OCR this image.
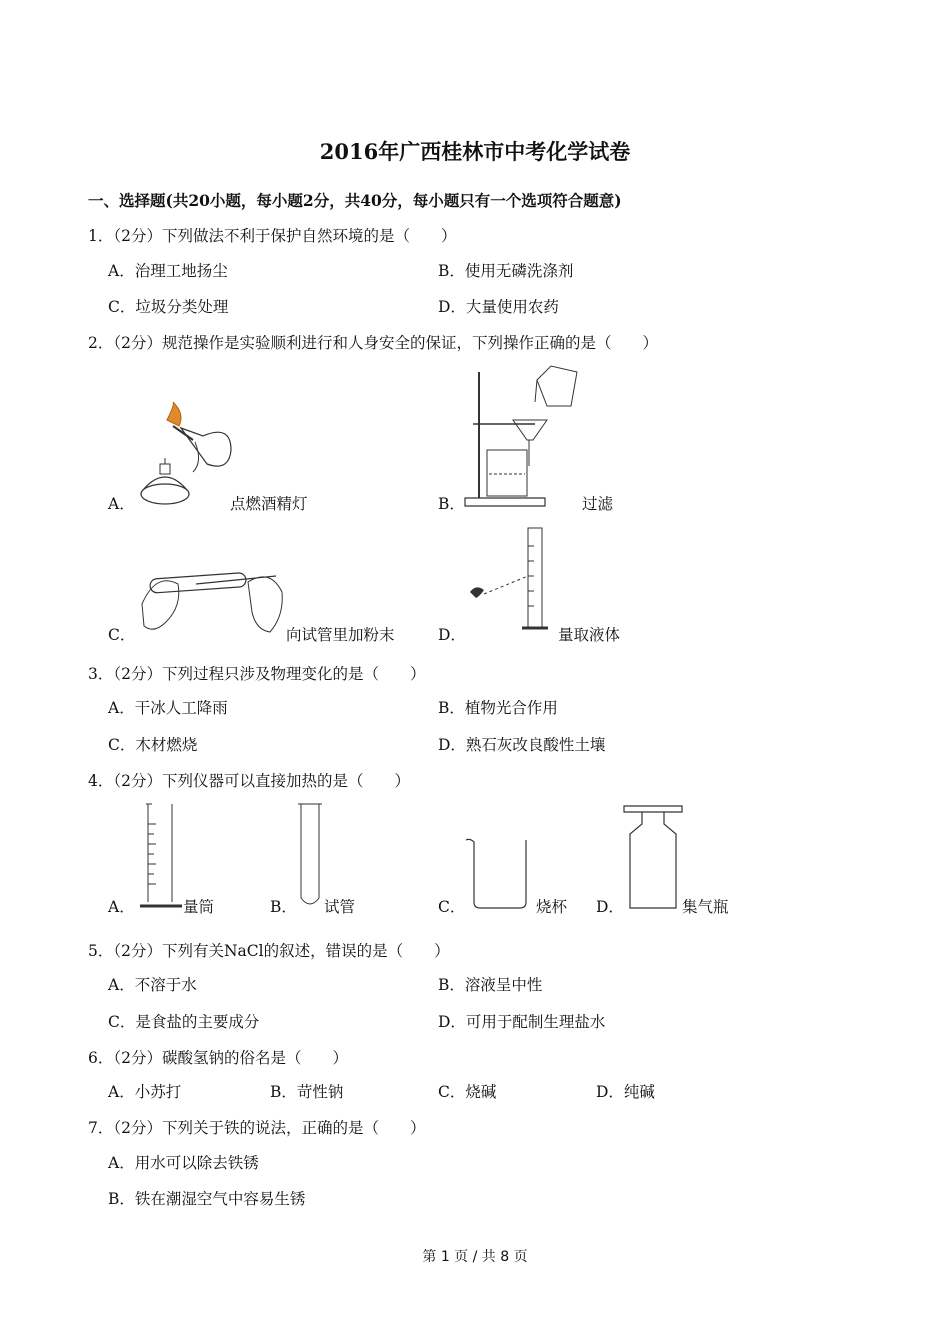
2016年广西桂林市中考化学试卷
一、选择题(共20小题，每小题2分，共40分，每小题只有一个选项符合题意)
1．（2分）下列做法不利于保护自然环境的是（　　）
A．治理工地扬尘	B．使用无磷洗涤剂
C．垃圾分类处理	D．大量使用农药
2．（2分）规范操作是实验顺利进行和人身安全的保证，下列操作正确的是（　　）
A．	点燃酒精灯	B．	过滤
C．	向试管里加粉末	D．	量取液体
3．（2分）下列过程只涉及物理变化的是（　　）
A．干冰人工降雨	B．植物光合作用
C．木材燃烧	D．熟石灰改良酸性土壤
4．（2分）下列仪器可以直接加热的是（　　）
A．	量筒	B． 试管	C．	烧杯 D．	集气瓶
5．（2分）下列有关NaCl的叙述，错误的是（　　）
A．不溶于水	B．溶液呈中性
C．是食盐的主要成分	D．可用于配制生理盐水
6．（2分）碳酸氢钠的俗名是（　　）
A．小苏打	B．苛性钠	C．烧碱	D．纯碱
7．（2分）下列关于铁的说法，正确的是（　　）
A．用水可以除去铁锈
B．铁在潮湿空气中容易生锈
第 1 页 / 共 8 页
